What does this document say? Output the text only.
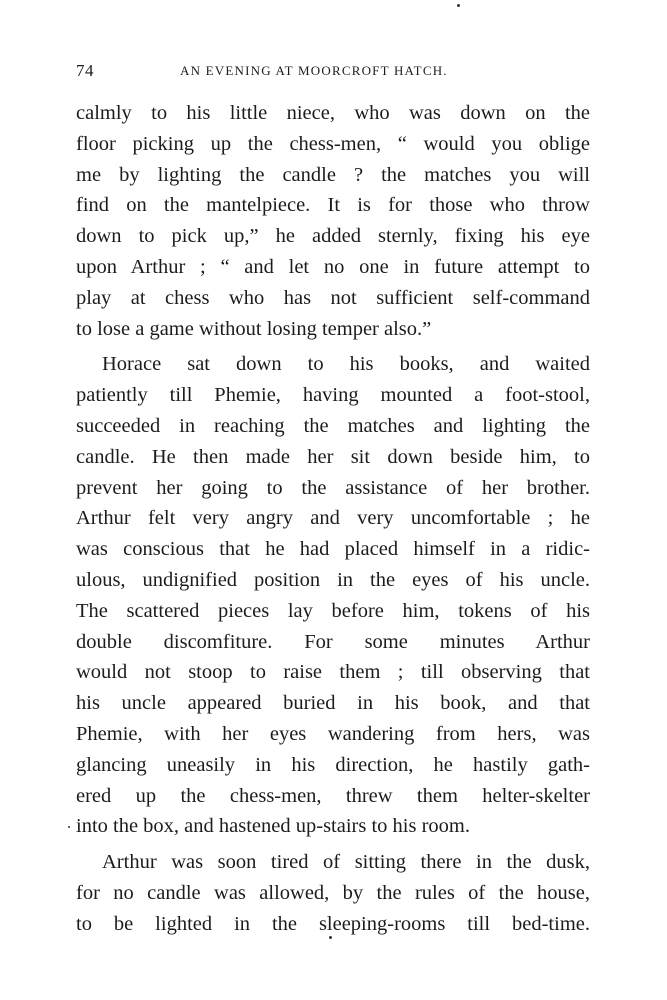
74	AN EVENING AT MOORCROFT HATCH.
calmly to his little niece, who was down on the
floor picking up the chess-men, “ would you oblige
me by lighting the candle ? the matches you will
find on the mantelpiece. It is for those who throw
down to pick up,” he added sternly, fixing his eye
upon Arthur ; “ and let no one in future attempt to
play at chess who has not sufficient self-command
to lose a game without losing temper also.”
Horace sat down to his books, and waited
patiently till Phemie, having mounted a foot-stool,
succeeded in reaching the matches and lighting the
candle. He then made her sit down beside him, to
prevent her going to the assistance of her brother.
Arthur felt very angry and very uncomfortable ; he
was conscious that he had placed himself in a ridic-
ulous, undignified position in the eyes of his uncle.
The scattered pieces lay before him, tokens of his
double discomfiture. For some minutes Arthur
would not stoop to raise them ; till observing that
his uncle appeared buried in his book, and that
Phemie, with her eyes wandering from hers, was
glancing uneasily in his direction, he hastily gath-
ered up the chess-men, threw them helter-skelter
into the box, and hastened up-stairs to his room.
Arthur was soon tired of sitting there in the dusk,
for no candle was allowed, by the rules of the house,
to be lighted in the sleeping-rooms till bed-time.
